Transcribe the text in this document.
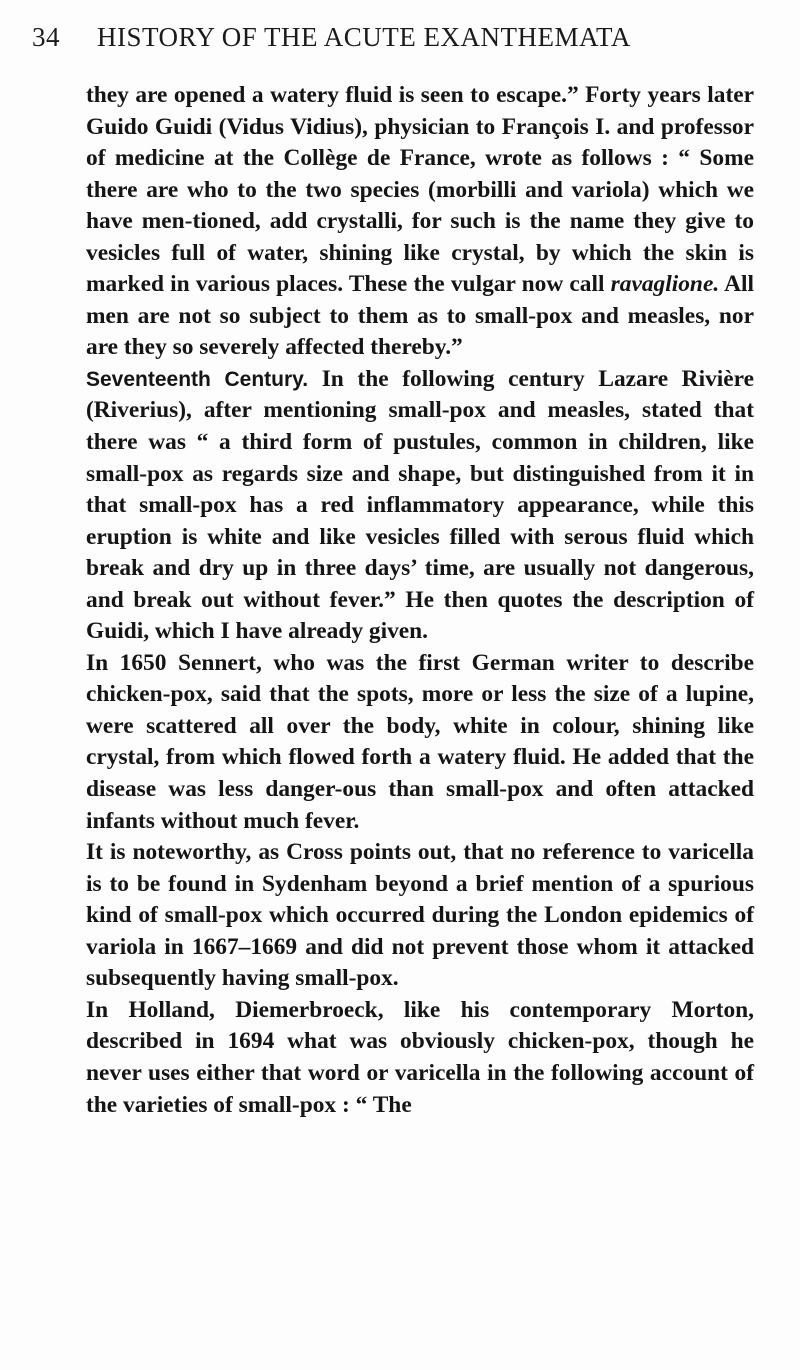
34 HISTORY OF THE ACUTE EXANTHEMATA

they are opened a watery fluid is seen to escape.” Forty years later Guido Guidi (Vidus Vidius), physician to François I. and professor of medicine at the Collège de France, wrote as follows : “ Some there are who to the two species (morbilli and variola) which we have men-tioned, add crystalli, for such is the name they give to vesicles full of water, shining like crystal, by which the skin is marked in various places. These the vulgar now call ravaglione. All men are not so subject to them as to small-pox and measles, nor are they so severely affected thereby.”

Seventeenth Century. In the following century Lazare Rivière (Riverius), after mentioning small-pox and measles, stated that there was “ a third form of pustules, common in children, like small-pox as regards size and shape, but distinguished from it in that small-pox has a red inflammatory appearance, while this eruption is white and like vesicles filled with serous fluid which break and dry up in three days’ time, are usually not dangerous, and break out without fever.” He then quotes the description of Guidi, which I have already given.

In 1650 Sennert, who was the first German writer to describe chicken-pox, said that the spots, more or less the size of a lupine, were scattered all over the body, white in colour, shining like crystal, from which flowed forth a watery fluid. He added that the disease was less danger-ous than small-pox and often attacked infants without much fever.

It is noteworthy, as Cross points out, that no reference to varicella is to be found in Sydenham beyond a brief mention of a spurious kind of small-pox which occurred during the London epidemics of variola in 1667–1669 and did not prevent those whom it attacked subsequently having small-pox.

In Holland, Diemerbroeck, like his contemporary Morton, described in 1694 what was obviously chicken-pox, though he never uses either that word or varicella in the following account of the varieties of small-pox : “ The
